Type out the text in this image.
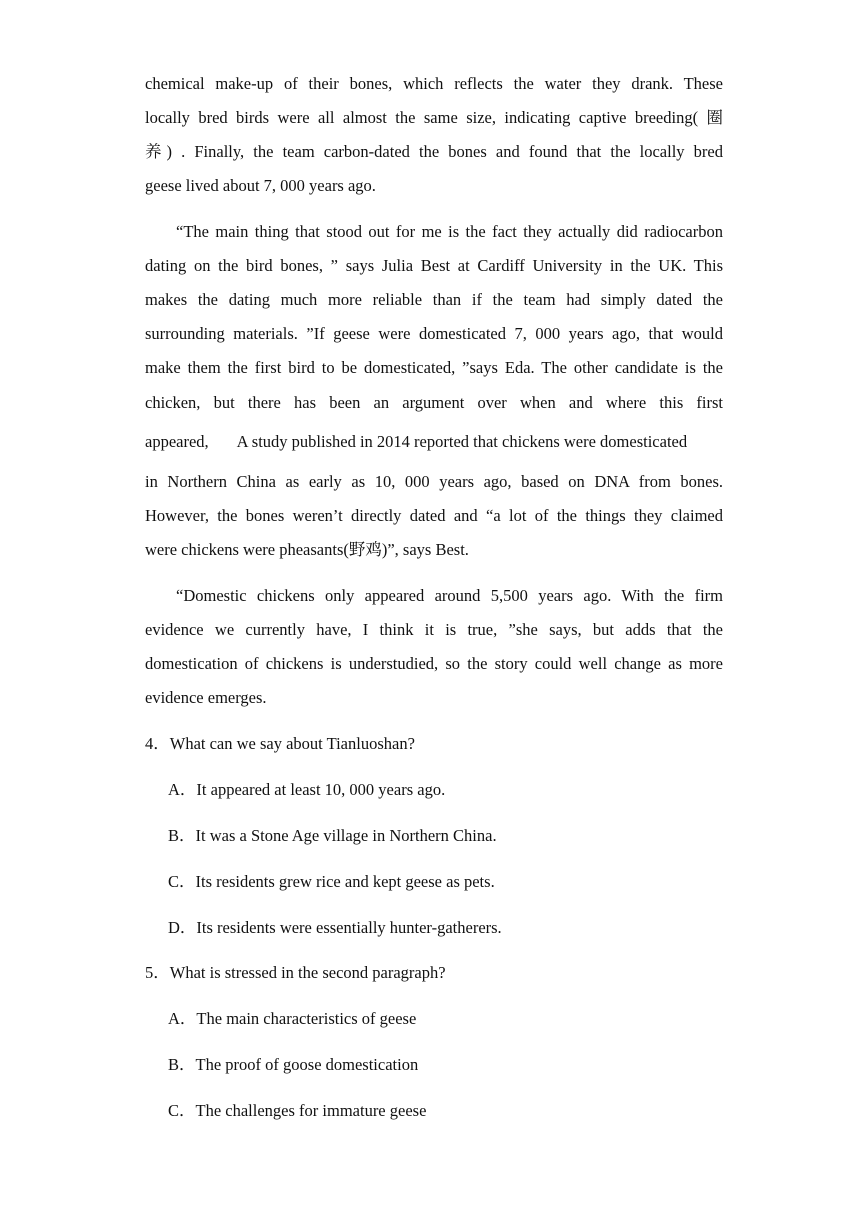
chemical make-up of their bones, which reflects the water they drank. These
locally bred birds were all almost the same size, indicating captive breeding( 圈
养) . Finally, the team carbon-dated the bones and found that the locally bred
geese lived about 7, 000 years ago.
“The main thing that stood out for me is the fact they actually did radiocarbon
dating on the bird bones, ” says Julia Best at Cardiff University in the UK. This
makes the dating much more reliable than if the team had simply dated the
surrounding materials. ”If geese were domesticated 7, 000 years ago, that would
make them the first bird to be domesticated, ”says Eda. The other candidate is the
chicken, but there has been an argument over when and where this first
appeared, A study published in 2014 reported that chickens were domesticated
in Northern China as early as 10, 000 years ago, based on DNA from bones.
However, the bones weren’t directly dated and “a lot of the things they claimed
were chickens were pheasants(野鸡)”, says Best.
“Domestic chickens only appeared around 5,500 years ago. With the firm
evidence we currently have, I think it is true, ”she says, but adds that the
domestication of chickens is understudied, so the story could well change as more
evidence emerges.
4．What can we say about Tianluoshan?
A．It appeared at least 10, 000 years ago.
B．It was a Stone Age village in Northern China.
C．Its residents grew rice and kept geese as pets.
D．Its residents were essentially hunter-gatherers.
5．What is stressed in the second paragraph?
A．The main characteristics of geese
B．The proof of goose domestication
C．The challenges for immature geese
